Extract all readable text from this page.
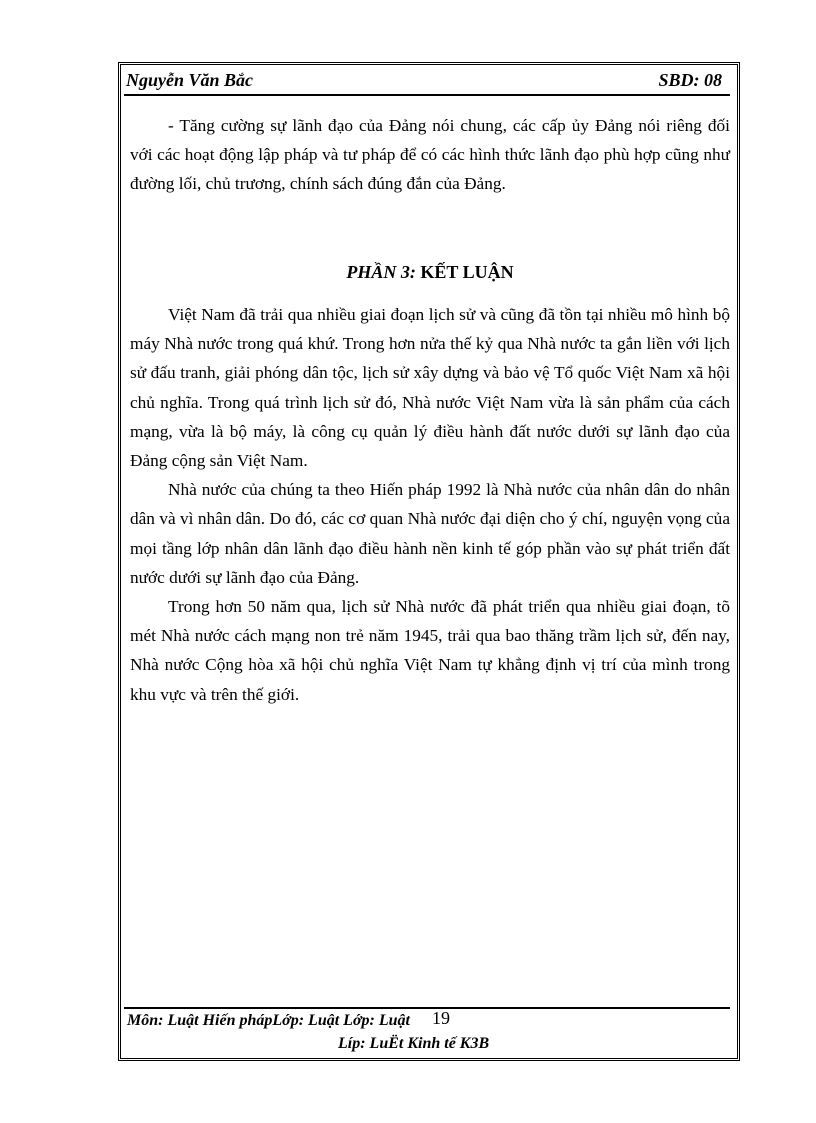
Nguyễn Văn Bắc	SBD: 08

- Tăng cường sự lãnh đạo của Đảng nói chung, các cấp ủy Đảng nói riêng đối với các hoạt động lập pháp và tư pháp để có các hình thức lãnh đạo phù hợp cũng như đường lối, chủ trương, chính sách đúng đắn của Đảng.

PHẦN 3: KẾT LUẬN

Việt Nam đã trải qua nhiều giai đoạn lịch sử và cũng đã tồn tại nhiều mô hình bộ máy Nhà nước trong quá khứ. Trong hơn nửa thế kỷ qua Nhà nước ta gắn liền với lịch sử đấu tranh, giải phóng dân tộc, lịch sử xây dựng và bảo vệ Tổ quốc Việt Nam xã hội chủ nghĩa. Trong quá trình lịch sử đó, Nhà nước Việt Nam vừa là sản phẩm của cách mạng, vừa là bộ máy, là công cụ quản lý điều hành đất nước dưới sự lãnh đạo của Đảng cộng sản Việt Nam.

Nhà nước của chúng ta theo Hiến pháp 1992 là Nhà nước của nhân dân do nhân dân và vì nhân dân. Do đó, các cơ quan Nhà nước đại diện cho ý chí, nguyện vọng của mọi tầng lớp nhân dân lãnh đạo điều hành nền kinh tế góp phần vào sự phát triển đất nước dưới sự lãnh đạo của Đảng.

Trong hơn 50 năm qua, lịch sử Nhà nước đã phát triển qua nhiều giai đoạn, tõ mét Nhà nước cách mạng non trẻ năm 1945, trải qua bao thăng trầm lịch sử, đến nay, Nhà nước Cộng hòa xã hội chủ nghĩa Việt Nam tự khẳng định vị trí của mình trong khu vực và trên thế giới.

Môn: Luật Hiến phápLớp: Luật Lớp: Luật 19
Líp: LuËt Kinh tế K3B
